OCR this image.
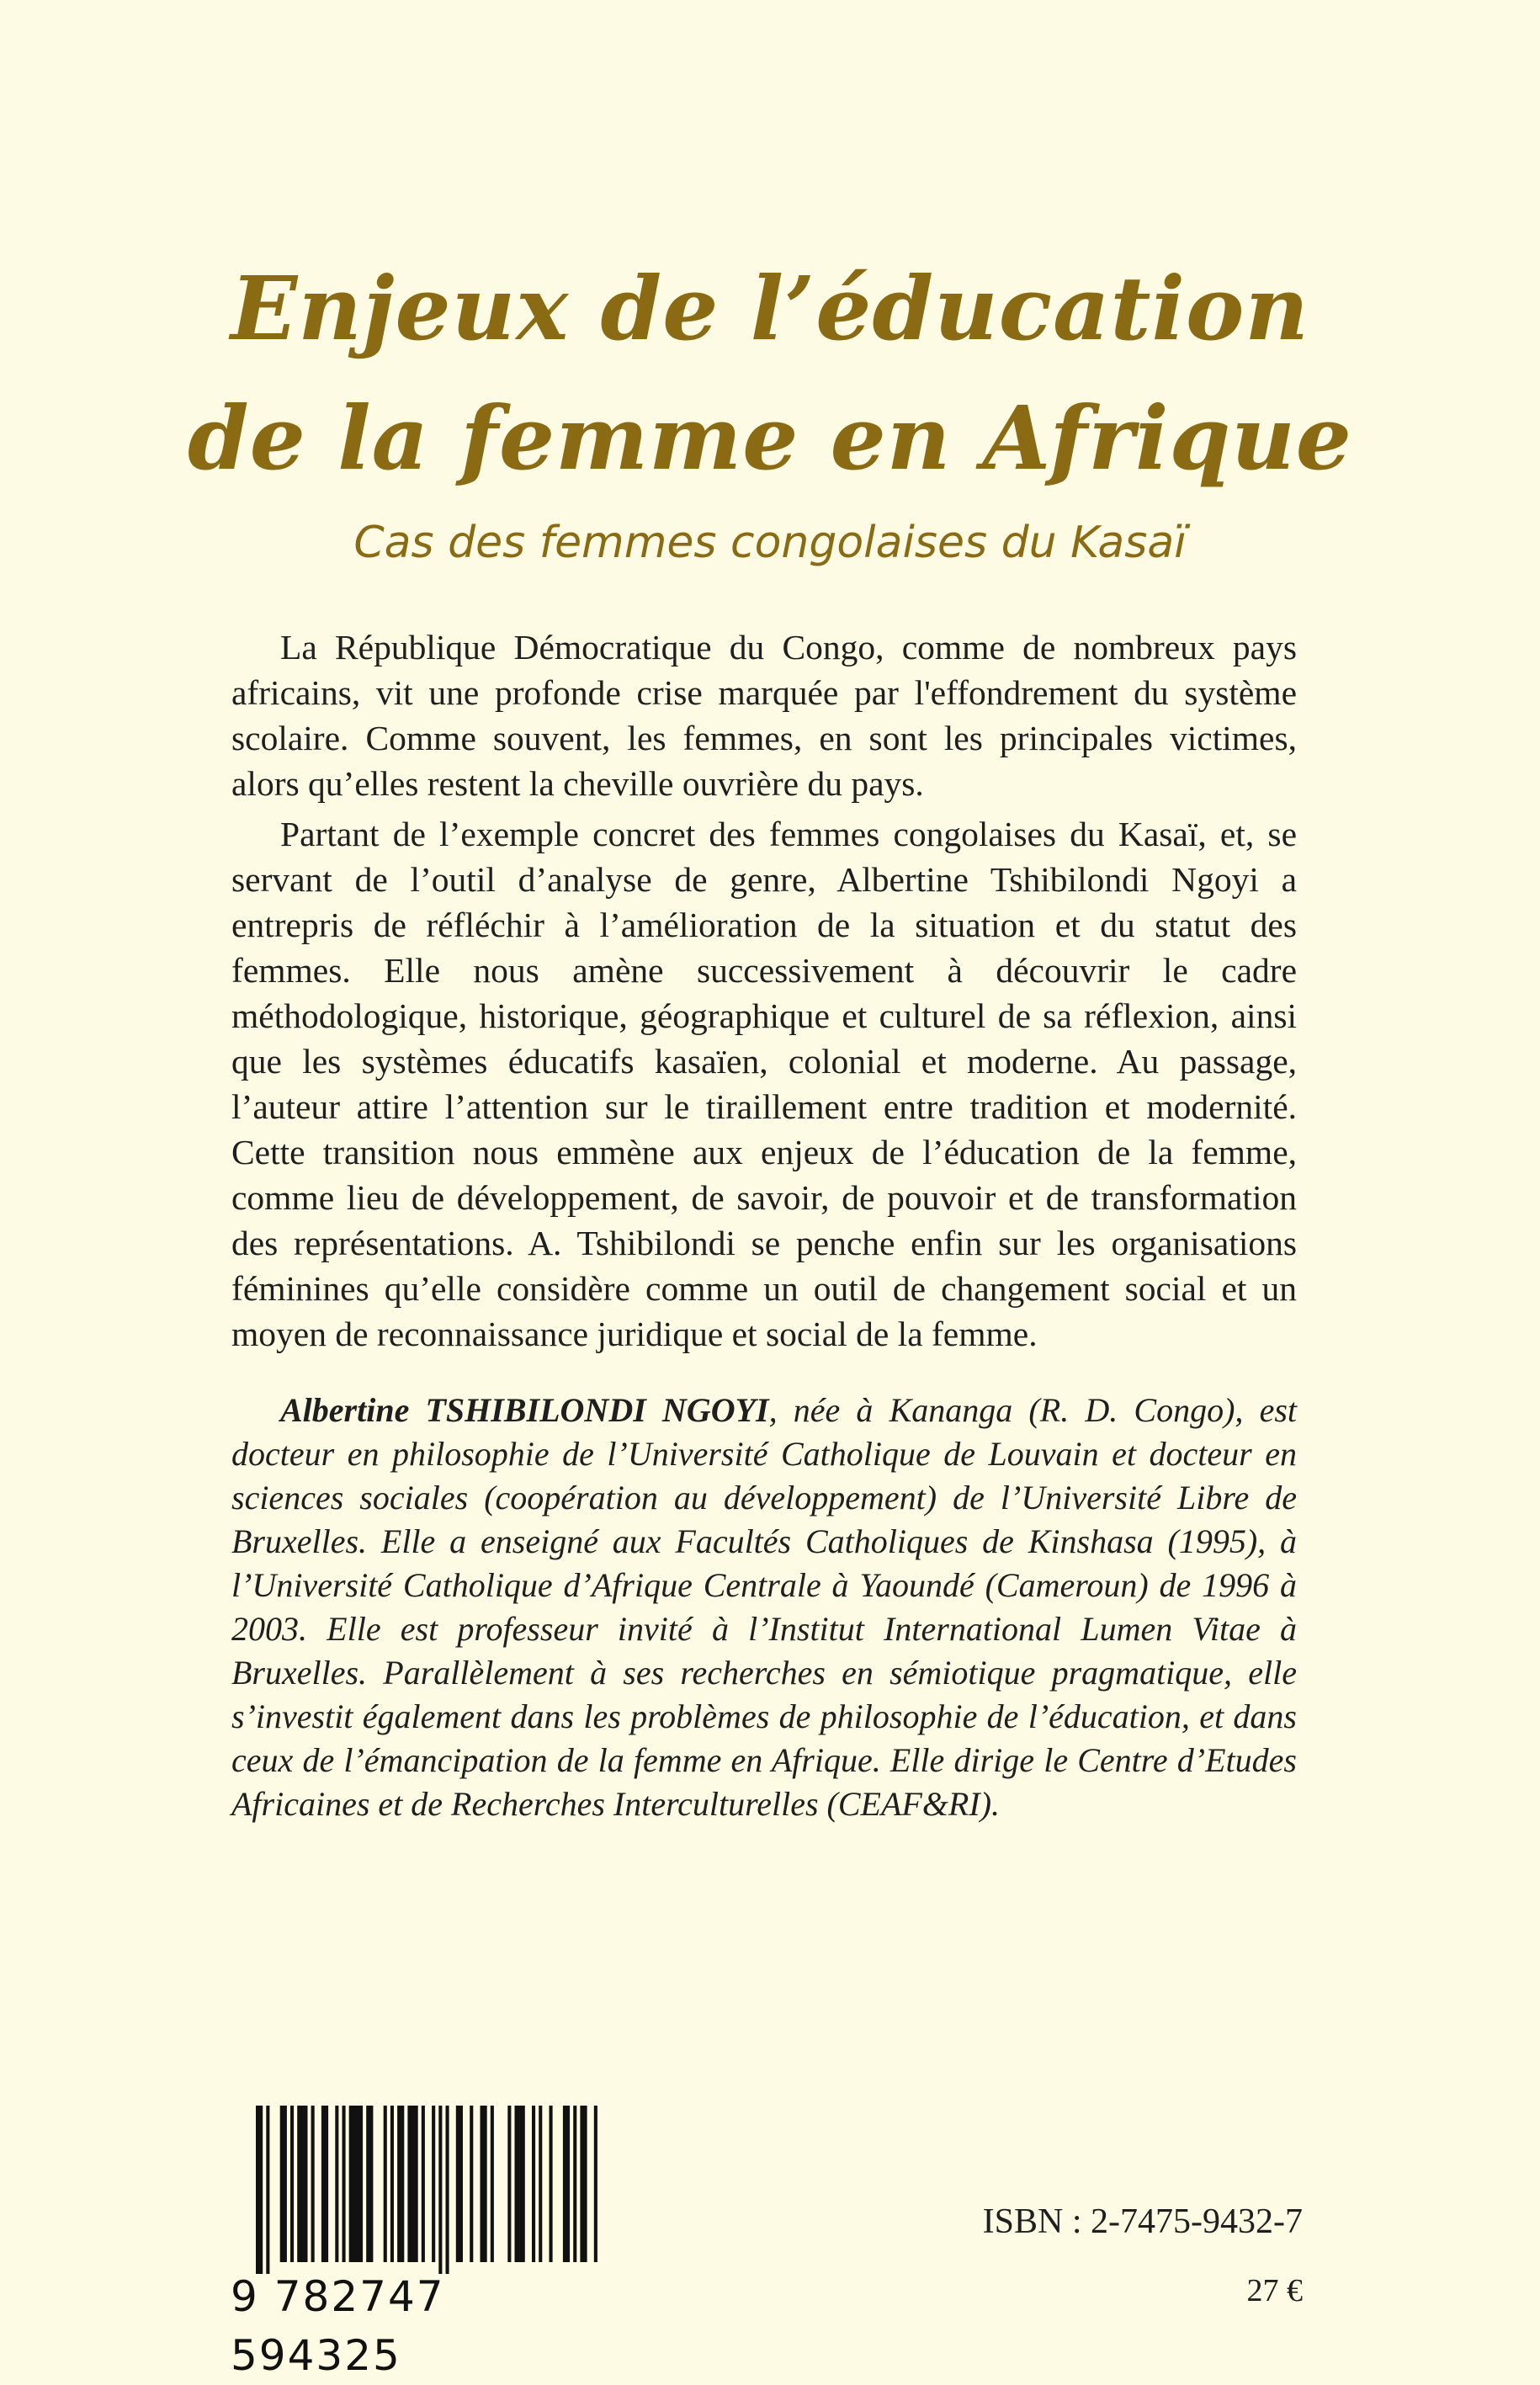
Enjeux de l’éducation
de la femme en Afrique
Cas des femmes congolaises du Kasaï

La République Démocratique du Congo, comme de nombreux pays africains, vit une profonde crise marquée par l'effondrement du système scolaire. Comme souvent, les femmes, en sont les principales victimes, alors qu’elles restent la cheville ouvrière du pays.

Partant de l’exemple concret des femmes congolaises du Kasaï, et, se servant de l’outil d’analyse de genre, Albertine Tshibilondi Ngoyi a entrepris de réfléchir à l’amélioration de la situation et du statut des femmes. Elle nous amène successivement à découvrir le cadre méthodologique, historique, géographique et culturel de sa réflexion, ainsi que les systèmes éducatifs kasaïen, colonial et moderne. Au passage, l’auteur attire l’attention sur le tiraillement entre tradition et modernité. Cette transition nous emmène aux enjeux de l’éducation de la femme, comme lieu de développement, de savoir, de pouvoir et de transformation des représentations. A. Tshibilondi se penche enfin sur les organisations féminines qu’elle considère comme un outil de changement social et un moyen de reconnaissance juridique et social de la femme.

Albertine TSHIBILONDI NGOYI, née à Kananga (R. D. Congo), est docteur en philosophie de l’Université Catholique de Louvain et docteur en sciences sociales (coopération au développement) de l’Université Libre de Bruxelles. Elle a enseigné aux Facultés Catholiques de Kinshasa (1995), à l’Université Catholique d’Afrique Centrale à Yaoundé (Cameroun) de 1996 à 2003. Elle est professeur invité à l’Institut International Lumen Vitae à Bruxelles. Parallèlement à ses recherches en sémiotique pragmatique, elle s’investit également dans les problèmes de philosophie de l’éducation, et dans ceux de l’émancipation de la femme en Afrique. Elle dirige le Centre d’Etudes Africaines et de Recherches Interculturelles (CEAF&RI).

9 782747 594325
ISBN : 2-7475-9432-7
27 €
